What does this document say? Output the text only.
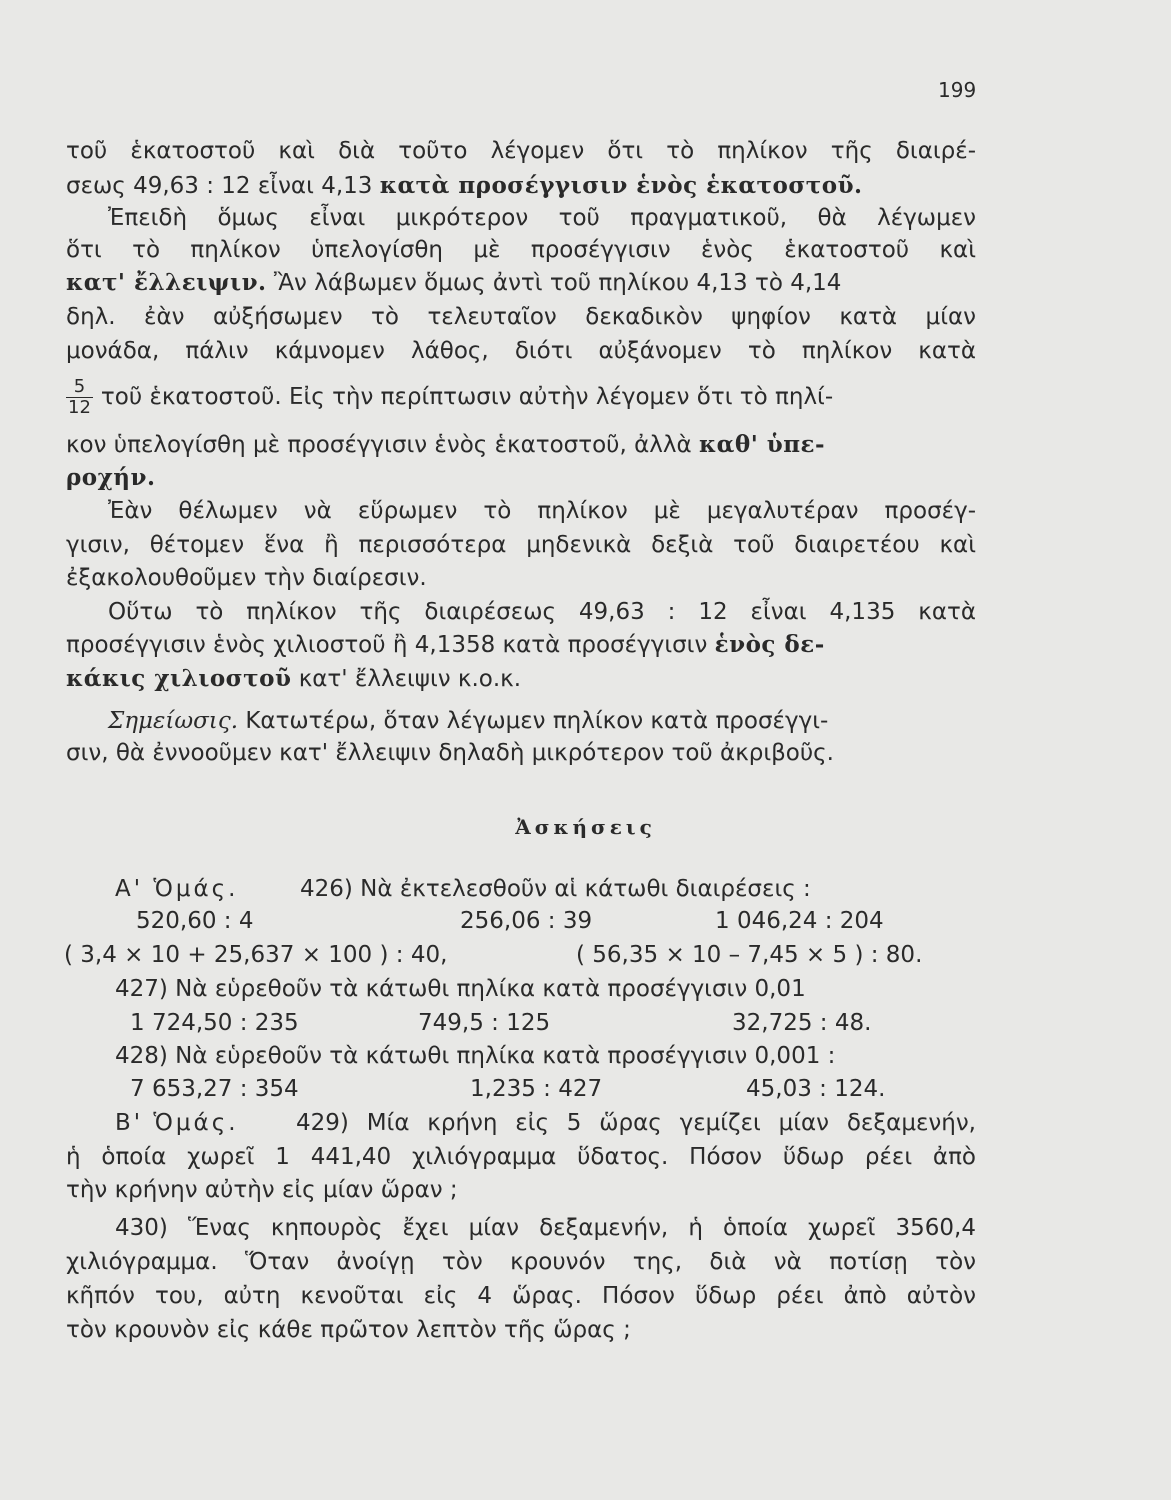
199
τοῦ ἑκατοστοῦ καὶ διὰ τοῦτο λέγομεν ὅτι τὸ πηλίκον τῆς διαιρέ-
σεως 49,63 : 12 εἶναι 4,13 κατὰ προσέγγισιν ἑνὸς ἑκατοστοῦ.
Ἐπειδὴ ὅμως εἶναι μικρότερον τοῦ πραγματικοῦ, θὰ λέγωμεν
ὅτι τὸ πηλίκον ὑπελογίσθη μὲ προσέγγισιν ἑνὸς ἑκατοστοῦ καὶ
κατ' ἔλλειψιν. Ἂν λάβωμεν ὅμως ἀντὶ τοῦ πηλίκου 4,13 τὸ 4,14
δηλ. ἐὰν αὐξήσωμεν τὸ τελευταῖον δεκαδικὸν ψηφίον κατὰ μίαν
μονάδα, πάλιν κάμνομεν λάθος, διότι αὐξάνομεν τὸ πηλίκον κατὰ
$\frac{5}{12}$ τοῦ ἑκατοστοῦ. Εἰς τὴν περίπτωσιν αὐτὴν λέγομεν ὅτι τὸ πηλί-
κον ὑπελογίσθη μὲ προσέγγισιν ἑνὸς ἑκατοστοῦ, ἀλλὰ καθ' ὑπε-
ροχήν.
Ἐὰν θέλωμεν νὰ εὕρωμεν τὸ πηλίκον μὲ μεγαλυτέραν προσέγ-
γισιν, θέτομεν ἕνα ἢ περισσότερα μηδενικὰ δεξιὰ τοῦ διαιρετέου καὶ
ἐξακολουθοῦμεν τὴν διαίρεσιν.
Οὕτω τὸ πηλίκον τῆς διαιρέσεως 49,63 : 12 εἶναι 4,135 κατὰ
προσέγγισιν ἑνὸς χιλιοστοῦ ἢ 4,1358 κατὰ προσέγγισιν ἑνὸς δε-
κάκις χιλιοστοῦ κατ' ἔλλειψιν κ.ο.κ.
Σημείωσις. Κατωτέρω, ὅταν λέγωμεν πηλίκον κατὰ προσέγγι-
σιν, θὰ ἐννοοῦμεν κατ' ἔλλειψιν δηλαδὴ μικρότερον τοῦ ἀκριβοῦς.
Ἀσκήσεις
Α' Ὁμάς.	426) Νὰ ἐκτελεσθοῦν αἱ κάτωθι διαιρέσεις :
520,60 : 4	256,06 : 39	1 046,24 : 204
( 3,4 × 10 + 25,637 × 100 ) : 40,	( 56,35 × 10 – 7,45 × 5 ) : 80.
427) Νὰ εὑρεθοῦν τὰ κάτωθι πηλίκα κατὰ προσέγγισιν 0,01
1 724,50 : 235	749,5 : 125	32,725 : 48.
428) Νὰ εὑρεθοῦν τὰ κάτωθι πηλίκα κατὰ προσέγγισιν 0,001 :
7 653,27 : 354	1,235 : 427	45,03 : 124.
Β' Ὁμάς. 429) Μία κρήνη εἰς 5 ὥρας γεμίζει μίαν δεξαμενήν,
ἡ ὁποία χωρεῖ 1 441,40 χιλιόγραμμα ὕδατος. Πόσον ὕδωρ ρέει ἀπὸ
τὴν κρήνην αὐτὴν εἰς μίαν ὥραν ;
430) Ἕνας κηπουρὸς ἔχει μίαν δεξαμενήν, ἡ ὁποία χωρεῖ 3560,4
χιλιόγραμμα. Ὅταν ἀνοίγῃ τὸν κρουνόν της, διὰ νὰ ποτίσῃ τὸν
κῆπόν του, αὐτη κενοῦται εἰς 4 ὥρας. Πόσον ὕδωρ ρέει ἀπὸ αὐτὸν
τὸν κρουνὸν εἰς κάθε πρῶτον λεπτὸν τῆς ὥρας ;
